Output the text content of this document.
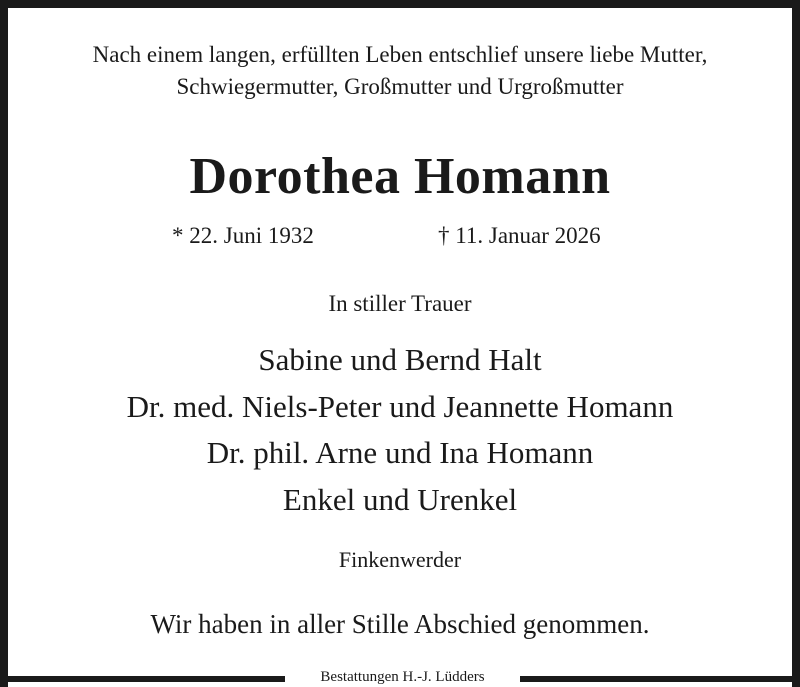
Nach einem langen, erfüllten Leben entschlief unsere liebe Mutter,
Schwiegermutter, Großmutter und Urgroßmutter
Dorothea Homann
* 22. Juni 1932	† 11. Januar 2026
In stiller Trauer
Sabine und Bernd Halt
Dr. med. Niels-Peter und Jeannette Homann
Dr. phil. Arne und Ina Homann
Enkel und Urenkel
Finkenwerder
Wir haben in aller Stille Abschied genommen.
Bestattungen H.-J. Lüdders
